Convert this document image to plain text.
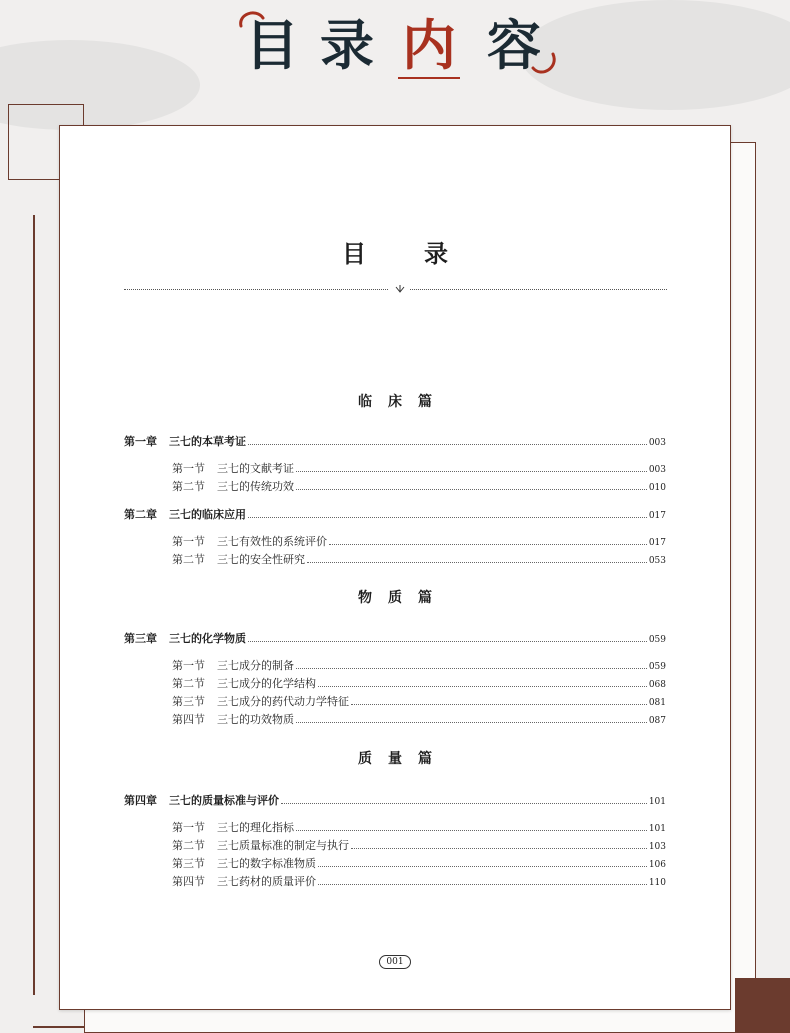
目 录 内 容
目 录
临 床 篇
第一章 三七的本草考证	003
第一节 三七的文献考证	003
第二节 三七的传统功效	010
第二章 三七的临床应用	017
第一节 三七有效性的系统评价	017
第二节 三七的安全性研究	053
物 质 篇
第三章 三七的化学物质	059
第一节 三七成分的制备	059
第二节 三七成分的化学结构	068
第三节 三七成分的药代动力学特征	081
第四节 三七的功效物质	087
质 量 篇
第四章 三七的质量标准与评价	101
第一节 三七的理化指标	101
第二节 三七质量标准的制定与执行	103
第三节 三七的数字标准物质	106
第四节 三七药材的质量评价	110
001
